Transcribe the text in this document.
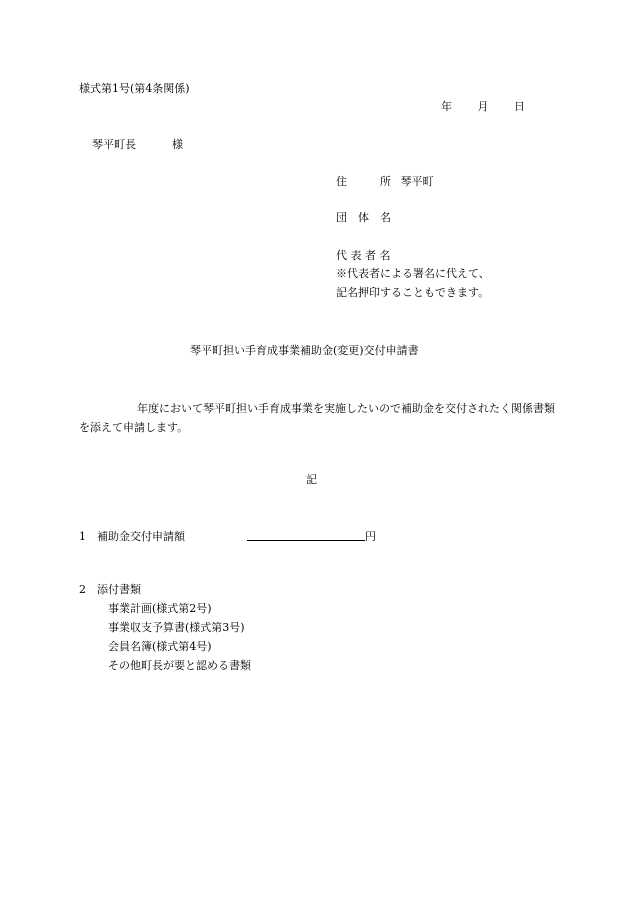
様式第1号(第4条関係)
年 月 日
琴平町長	様
住　　　所 琴平町
団　体　名
代 表 者 名
※代表者による署名に代えて、
記名押印することもできます。
琴平町担い手育成事業補助金(変更)交付申請書
年度において琴平町担い手育成事業を実施したいので補助金を交付されたく関係書類を添えて申請します。
記
1 補助金交付申請額	円
2 添付書類
事業計画(様式第2号)
事業収支予算書(様式第3号)
会員名簿(様式第4号)
その他町長が要と認める書類
